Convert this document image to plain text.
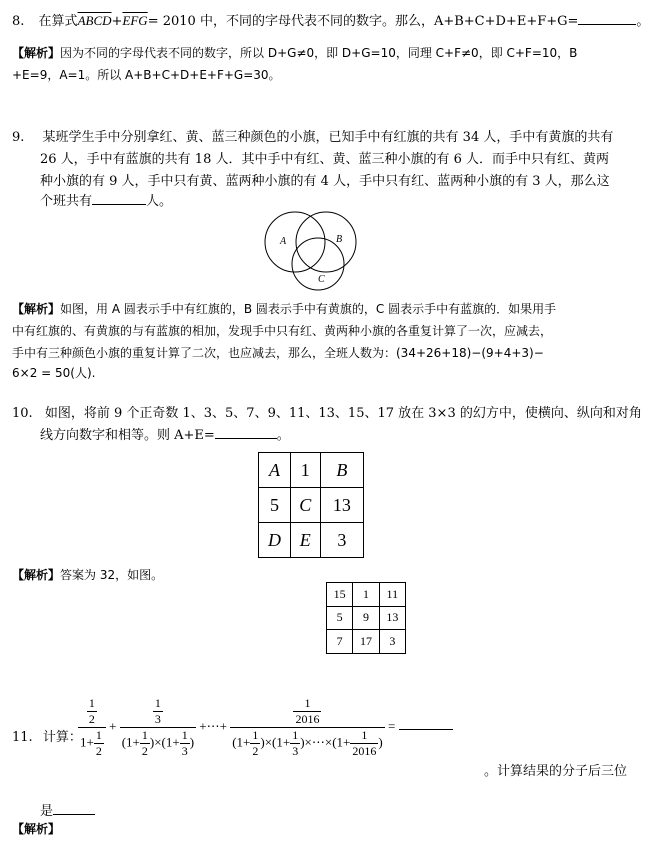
8. 在算式$ABCD+\overline{EFG}= 2010$ 中，不同的字母代表不同的数字。那么，A+B+C+D+E+F+G=	。
【解析】因为不同的字母代表不同的数字，所以 D+G≠0，即 D+G=10，同理 C+F≠0，即 C+F=10，B
+E=9，A=1。所以 A+B+C+D+E+F+G=30。
9. 某班学生手中分别拿红、黄、蓝三种颜色的小旗，已知手中有红旗的共有 34 人，手中有黄旗的共有
26 人，手中有蓝旗的共有 18 人．其中手中有红、黄、蓝三种小旗的有 6 人．而手中只有红、黄两
种小旗的有 9 人，手中只有黄、蓝两种小旗的有 4 人，手中只有红、蓝两种小旗的有 3 人，那么这
个班共有	人。
A	B
C
【解析】如图，用 A 圆表示手中有红旗的，B 圆表示手中有黄旗的，C 圆表示手中有蓝旗的．如果用手
中有红旗的、有黄旗的与有蓝旗的相加，发现手中只有红、黄两种小旗的各重复计算了一次，应减去，
手中有三种颜色小旗的重复计算了二次，也应减去，那么，全班人数为：(34+26+18)−(9+4+3)−
6×2 = 50(人).
10. 如图，将前 9 个正奇数 1、3、5、7、9、11、13、15、17 放在 3×3 的幻方中，使横向、纵向和对角
线方向数字和相等。则 A+E=	。
A	1	B
5	C	13
D	E	3
【解析】答案为 32，如图。
15	1	11
5	9	13
7	17	3
11. 计算：
$\frac{\frac{1}{2}}{1+ \frac{1}{2}}$ +	$\frac{1}{3}$
$(1+ \frac{1}{2} )\times(1+ \frac{1}{3}$ )
+⋯+	$\frac{1}{2016}$
$(1+ \frac{1}{2} )\times(1+ \frac{1}{3}$ )×⋯×(1+ $\frac{1}{2016}$ )
=
。计算结果的分子后三位
是
【解析】
